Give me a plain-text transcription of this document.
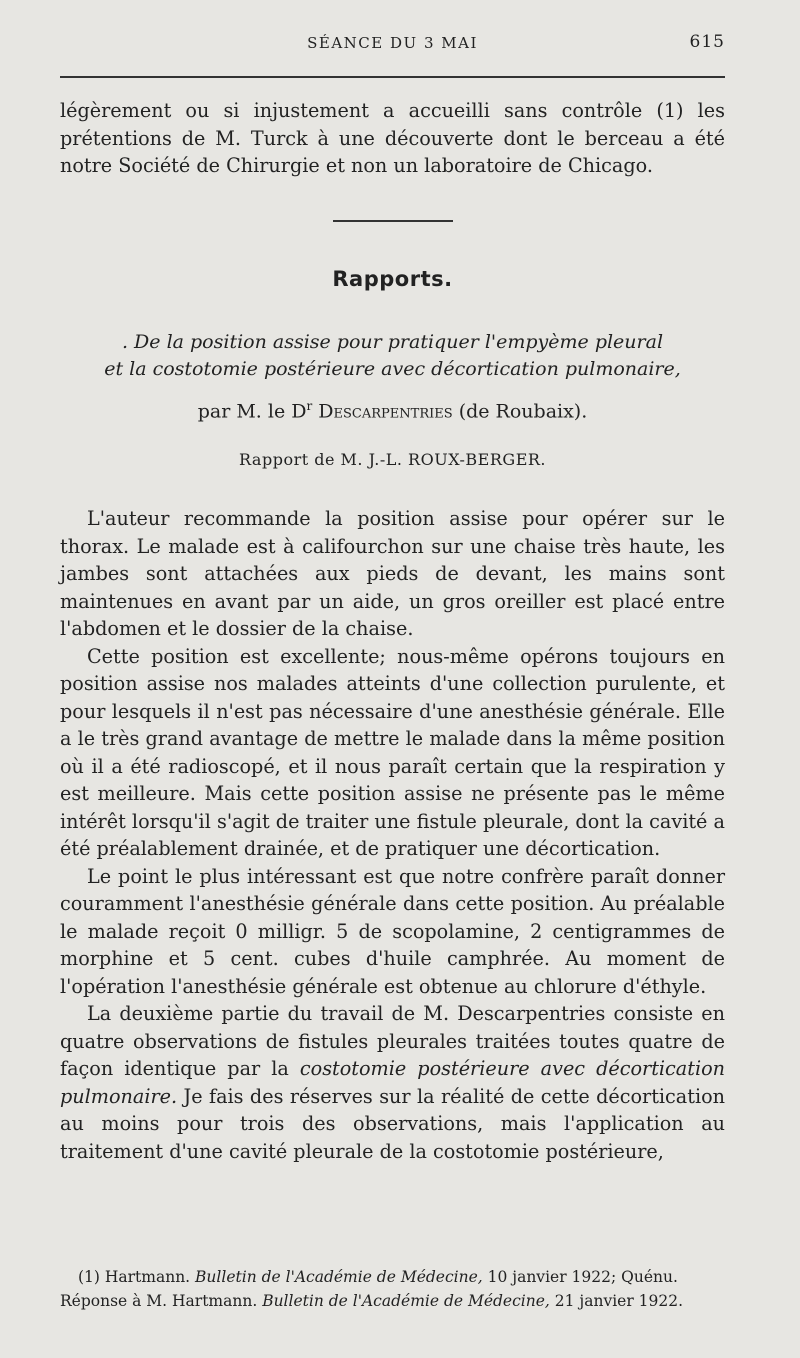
SÉANCE DU 3 MAI	615

légèrement ou si injustement a accueilli sans contrôle (1) les prétentions de M. Turck à une découverte dont le berceau a été notre Société de Chirurgie et non un laboratoire de Chicago.

Rapports.
. De la position assise pour pratiquer l'empyème pleural
et la costotomie postérieure avec décortication pulmonaire,
par M. le $D^r$ Descarpentries (de Roubaix).
Rapport de M. J.-L. ROUX-BERGER.

L'auteur recommande la position assise pour opérer sur le thorax. Le malade est à califourchon sur une chaise très haute, les jambes sont attachées aux pieds de devant, les mains sont maintenues en avant par un aide, un gros oreiller est placé entre l'abdomen et le dossier de la chaise.

Cette position est excellente; nous-même opérons toujours en position assise nos malades atteints d'une collection purulente, et pour lesquels il n'est pas nécessaire d'une anesthésie générale. Elle a le très grand avantage de mettre le malade dans la même position où il a été radioscopé, et il nous paraît certain que la respiration y est meilleure. Mais cette position assise ne présente pas le même intérêt lorsqu'il s'agit de traiter une fistule pleurale, dont la cavité a été préalablement drainée, et de pratiquer une décortication.

Le point le plus intéressant est que notre confrère paraît donner couramment l'anesthésie générale dans cette position. Au préalable le malade reçoit 0 milligr. 5 de scopolamine, 2 centigrammes de morphine et 5 cent. cubes d'huile camphrée. Au moment de l'opération l'anesthésie générale est obtenue au chlorure d'éthyle.

La deuxième partie du travail de M. Descarpentries consiste en quatre observations de fistules pleurales traitées toutes quatre de façon identique par la costotomie postérieure avec décortication pulmonaire. Je fais des réserves sur la réalité de cette décortication au moins pour trois des observations, mais l'application au traitement d'une cavité pleurale de la costotomie postérieure,

(1) Hartmann. Bulletin de l'Académie de Médecine, 10 janvier 1922; Quénu.

Réponse à M. Hartmann. Bulletin de l'Académie de Médecine, 21 janvier 1922.
